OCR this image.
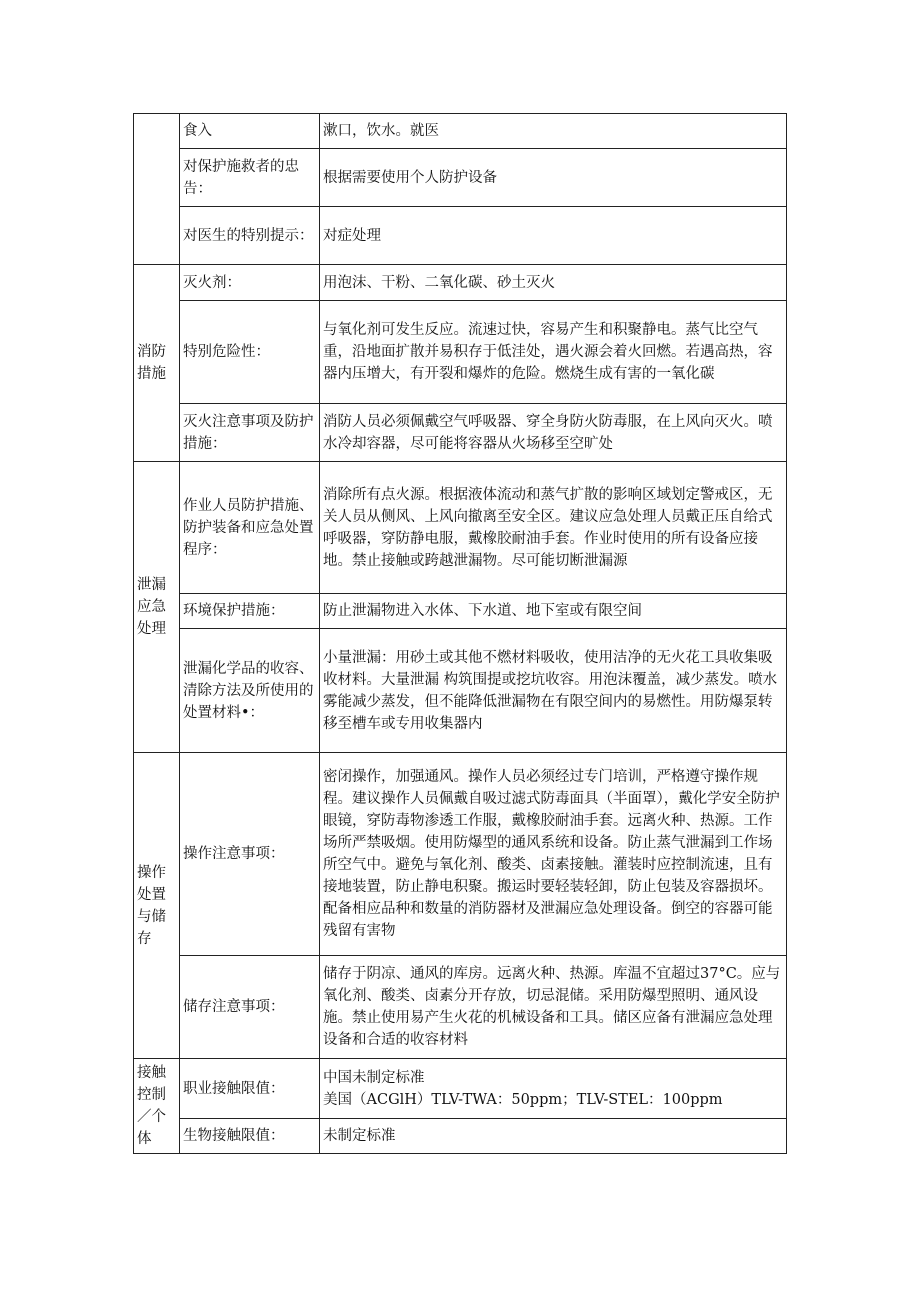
	食入	漱口，饮水。就医
	对保护施救者的忠告：	根据需要使用个人防护设备
	对医生的特别提示：	对症处理
消防措施	灭火剂：	用泡沫、干粉、二氧化碳、砂土灭火
	特别危险性：	与氧化剂可发生反应。流速过快，容易产生和积聚静电。蒸气比空气重，沿地面扩散并易积存于低洼处，遇火源会着火回燃。若遇高热，容器内压增大，有开裂和爆炸的危险。燃烧生成有害的一氧化碳
	灭火注意事项及防护措施：	消防人员必须佩戴空气呼吸器、穿全身防火防毒服，在上风向灭火。喷水冷却容器，尽可能将容器从火场移至空旷处
泄漏应急处理	作业人员防护措施、防护装备和应急处置程序：	消除所有点火源。根据液体流动和蒸气扩散的影响区域划定警戒区，无关人员从侧风、上风向撤离至安全区。建议应急处理人员戴正压自给式呼吸器，穿防静电服，戴橡胶耐油手套。作业时使用的所有设备应接地。禁止接触或跨越泄漏物。尽可能切断泄漏源
	环境保护措施：	防止泄漏物进入水体、下水道、地下室或有限空间
	泄漏化学品的收容、清除方法及所使用的处置材料•：	小量泄漏：用砂土或其他不燃材料吸收，使用洁净的无火花工具收集吸收材料。大量泄漏 构筑围提或挖坑收容。用泡沫覆盖，减少蒸发。喷水雾能减少蒸发，但不能降低泄漏物在有限空间内的易燃性。用防爆泵转移至槽车或专用收集器内
操作处置与储存	操作注意事项：	密闭操作，加强通风。操作人员必须经过专门培训，严格遵守操作规程。建议操作人员佩戴自吸过滤式防毒面具（半面罩），戴化学安全防护眼镜，穿防毒物渗透工作服，戴橡胶耐油手套。远离火种、热源。工作场所严禁吸烟。使用防爆型的通风系统和设备。防止蒸气泄漏到工作场所空气中。避免与氧化剂、酸类、卤素接触。灌装时应控制流速，且有接地装置，防止静电积聚。搬运时要轻装轻卸，防止包装及容器损坏。配备相应品种和数量的消防器材及泄漏应急处理设备。倒空的容器可能残留有害物
	储存注意事项：	储存于阴凉、通风的库房。远离火种、热源。库温不宜超过37°C。应与氧化剂、酸类、卤素分开存放，切忌混储。采用防爆型照明、通风设施。禁止使用易产生火花的机械设备和工具。储区应备有泄漏应急处理设备和合适的收容材料
接触控制／个体	职业接触限值：	中国未制定标准
美国（ACGlH）TLV-TWA：50ppm；TLV-STEL：100ppm

	生物接触限值：	未制定标准
